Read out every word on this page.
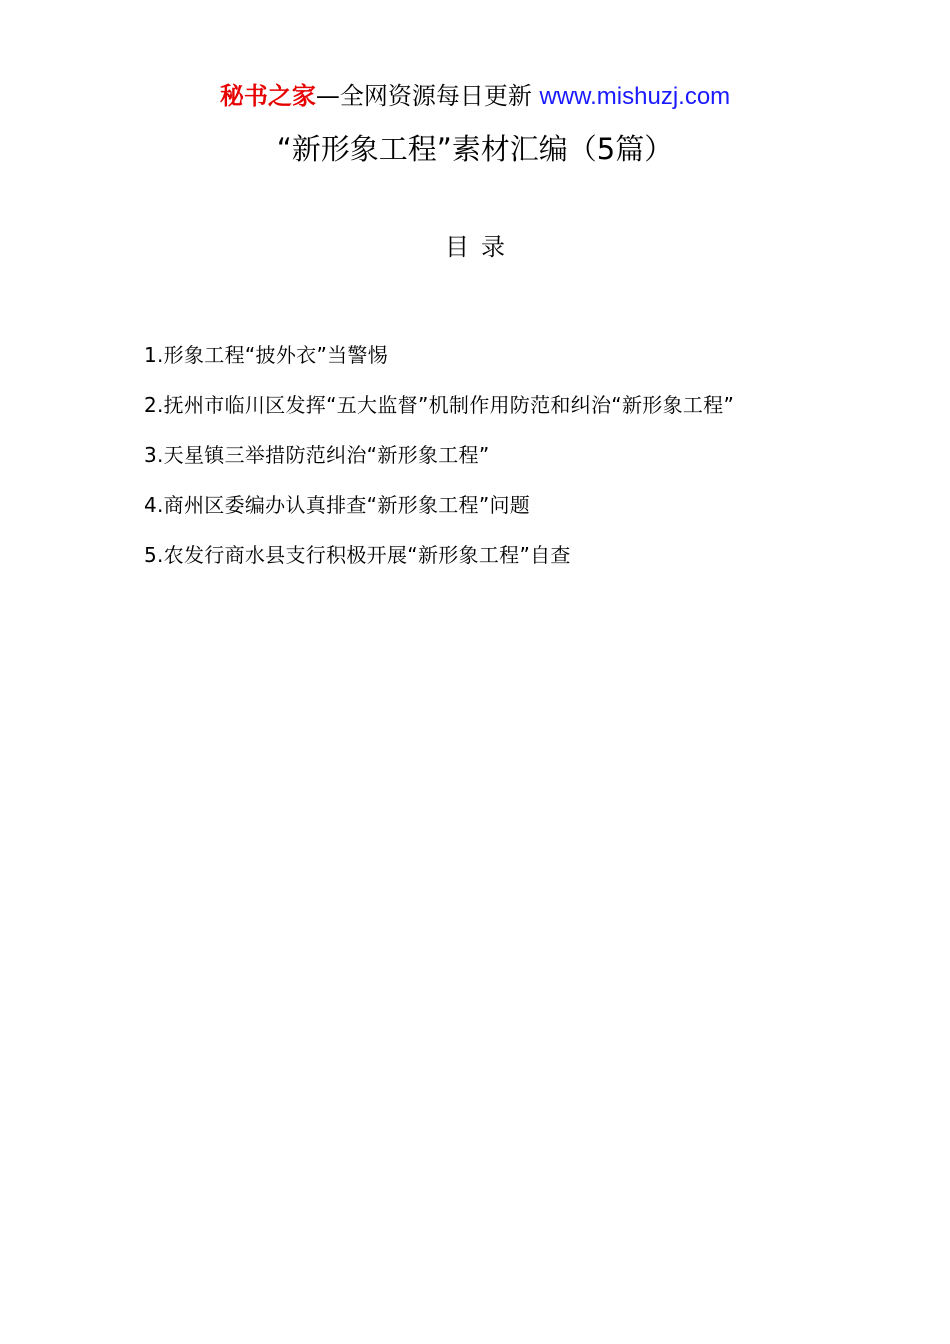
秘书之家—全网资源每日更新 www.mishuzj.com
“新形象工程”素材汇编（5篇）
目录
1.形象工程“披外衣”当警惕
2.抚州市临川区发挥“五大监督”机制作用防范和纠治“新形象工程”
3.天星镇三举措防范纠治“新形象工程”
4.商州区委编办认真排查“新形象工程”问题
5.农发行商水县支行积极开展“新形象工程”自查
